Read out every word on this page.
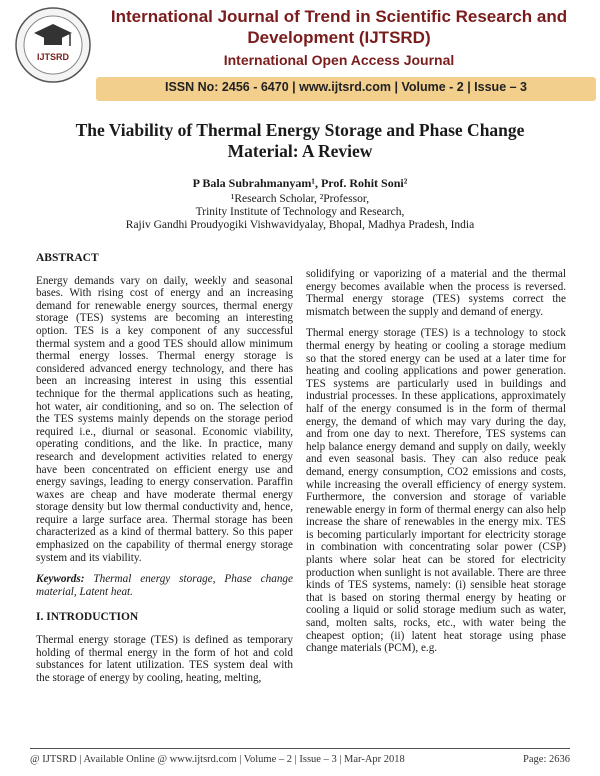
IJTSRD
International Journal of Trend in Scientific Research and Development (IJTSRD)
International Open Access Journal
ISSN No: 2456 - 6470 | www.ijtsrd.com | Volume - 2 | Issue – 3
The Viability of Thermal Energy Storage and Phase Change Material: A Review
P Bala Subrahmanyam¹, Prof. Rohit Soni²
¹Research Scholar, ²Professor,
Trinity Institute of Technology and Research,
Rajiv Gandhi Proudyogiki Vishwavidyalay, Bhopal, Madhya Pradesh, India
ABSTRACT

Energy demands vary on daily, weekly and seasonal bases. With rising cost of energy and an increasing demand for renewable energy sources, thermal energy storage (TES) systems are becoming an interesting option. TES is a key component of any successful thermal system and a good TES should allow minimum thermal energy losses. Thermal energy storage is considered advanced energy technology, and there has been an increasing interest in using this essential technique for the thermal applications such as heating, hot water, air conditioning, and so on. The selection of the TES systems mainly depends on the storage period required i.e., diurnal or seasonal. Economic viability, operating conditions, and the like. In practice, many research and development activities related to energy have been concentrated on efficient energy use and energy savings, leading to energy conservation. Paraffin waxes are cheap and have moderate thermal energy storage density but low thermal conductivity and, hence, require a large surface area. Thermal storage has been characterized as a kind of thermal battery. So this paper emphasized on the capability of thermal energy storage system and its viability.

Keywords: Thermal energy storage, Phase change material, Latent heat.

I. INTRODUCTION

Thermal energy storage (TES) is defined as temporary holding of thermal energy in the form of hot and cold substances for latent utilization. TES system deal with the storage of energy by cooling, heating, melting,

solidifying or vaporizing of a material and the thermal energy becomes available when the process is reversed. Thermal energy storage (TES) systems correct the mismatch between the supply and demand of energy.

Thermal energy storage (TES) is a technology to stock thermal energy by heating or cooling a storage medium so that the stored energy can be used at a later time for heating and cooling applications and power generation. TES systems are particularly used in buildings and industrial processes. In these applications, approximately half of the energy consumed is in the form of thermal energy, the demand of which may vary during the day, and from one day to next. Therefore, TES systems can help balance energy demand and supply on daily, weekly and even seasonal basis. They can also reduce peak demand, energy consumption, CO2 emissions and costs, while increasing the overall efficiency of energy system. Furthermore, the conversion and storage of variable renewable energy in form of thermal energy can also help increase the share of renewables in the energy mix. TES is becoming particularly important for electricity storage in combination with concentrating solar power (CSP) plants where solar heat can be stored for electricity production when sunlight is not available. There are three kinds of TES systems, namely: (i) sensible heat storage that is based on storing thermal energy by heating or cooling a liquid or solid storage medium such as water, sand, molten salts, rocks, etc., with water being the cheapest option; (ii) latent heat storage using phase change materials (PCM), e.g.

@ IJTSRD | Available Online @ www.ijtsrd.com | Volume – 2 | Issue – 3 | Mar-Apr 2018	Page: 2636
